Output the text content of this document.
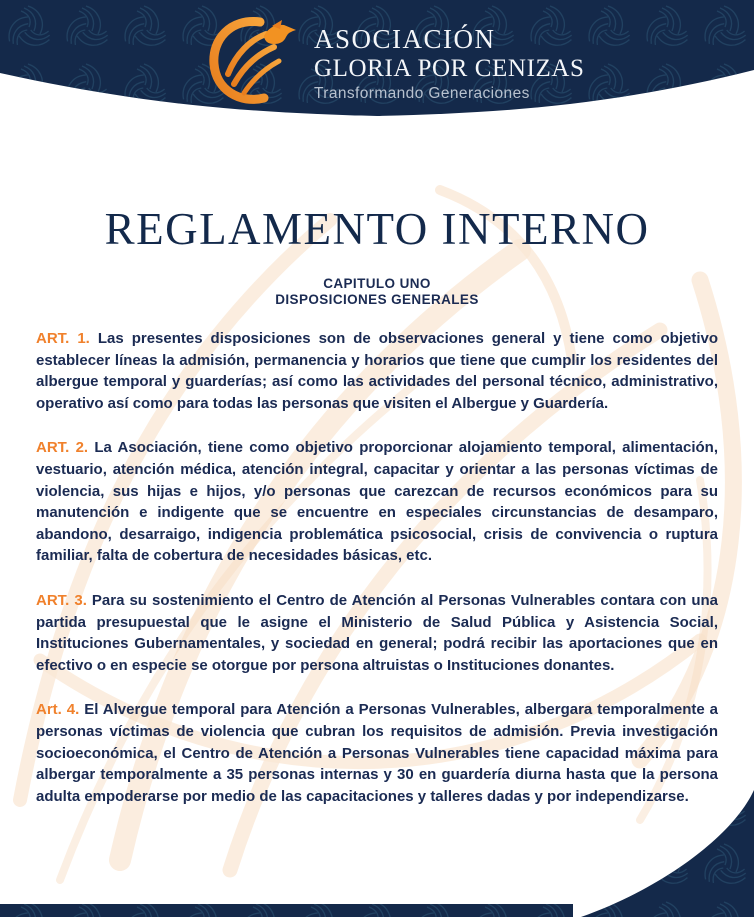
ASOCIACIÓN
GLORIA POR CENIZAS
Transformando Generaciones
REGLAMENTO INTERNO
CAPITULO UNO
DISPOSICIONES GENERALES

ART. 1. Las presentes disposiciones son de observaciones general y tiene como objetivo establecer líneas la admisión, permanencia y horarios que tiene que cumplir los residentes del albergue temporal y guarderías; así como las actividades del personal técnico, administrativo, operativo así como para todas las personas que visiten el Albergue y Guardería.

ART. 2. La Asociación, tiene como objetivo proporcionar alojamiento temporal, alimentación, vestuario, atención médica, atención integral, capacitar y orientar a las personas víctimas de violencia, sus hijas e hijos, y/o personas que carezcan de recursos económicos para su manutención e indigente que se encuentre en especiales circunstancias de desamparo, abandono, desarraigo, indigencia problemática psicosocial, crisis de convivencia o ruptura familiar, falta de cobertura de necesidades básicas, etc.

ART. 3. Para su sostenimiento el Centro de Atención al Personas Vulnerables contara con una partida presupuestal que le asigne el Ministerio de Salud Pública y Asistencia Social, Instituciones Gubernamentales, y sociedad en general; podrá recibir las aportaciones que en efectivo o en especie se otorgue por persona altruistas o Instituciones donantes.

Art. 4. El Alvergue temporal para Atención a Personas Vulnerables, albergara temporalmente a personas víctimas de violencia que cubran los requisitos de admisión. Previa investigación socioeconómica, el Centro de Atención a Personas Vulnerables tiene capacidad máxima para albergar temporalmente a 35 personas internas y 30 en guardería diurna hasta que la persona adulta empoderarse por medio de las capacitaciones y talleres dadas y por independizarse.
